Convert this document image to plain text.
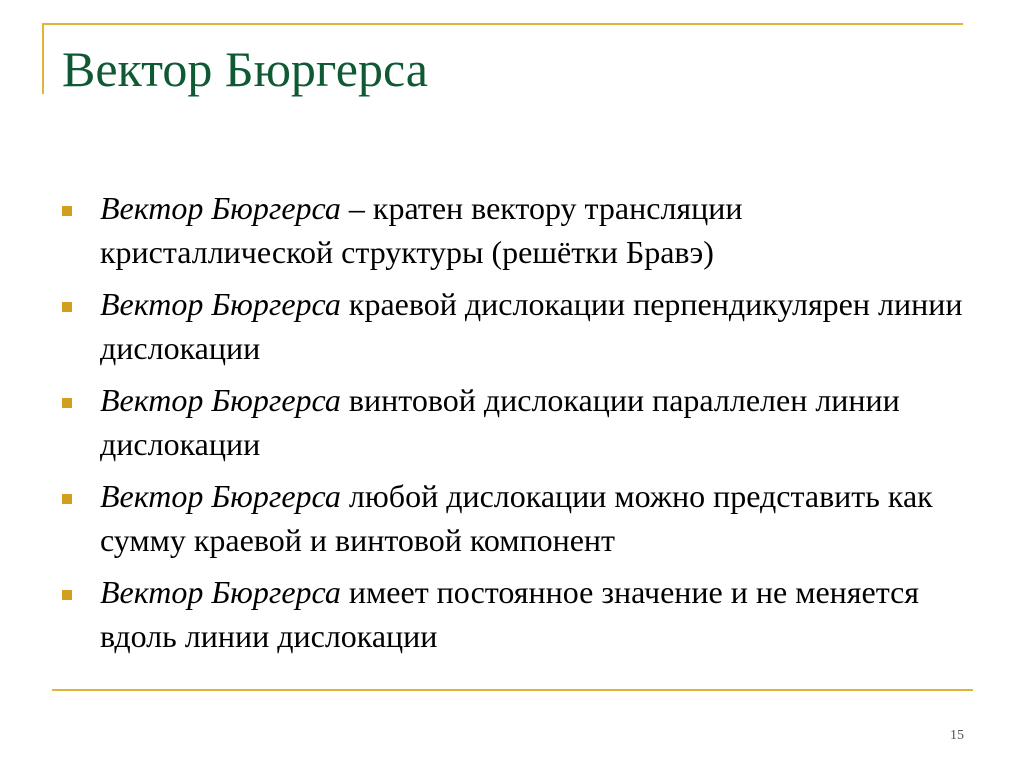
Вектор Бюргерса
Вектор Бюргерса – кратен вектору трансляции кристаллической структуры (решётки Бравэ)
Вектор Бюргерса краевой дислокации перпендикулярен линии дислокации
Вектор Бюргерса винтовой дислокации параллелен линии дислокации
Вектор Бюргерса любой дислокации можно представить как сумму краевой и винтовой компонент
Вектор Бюргерса имеет постоянное значение и не меняется вдоль линии дислокации
15
